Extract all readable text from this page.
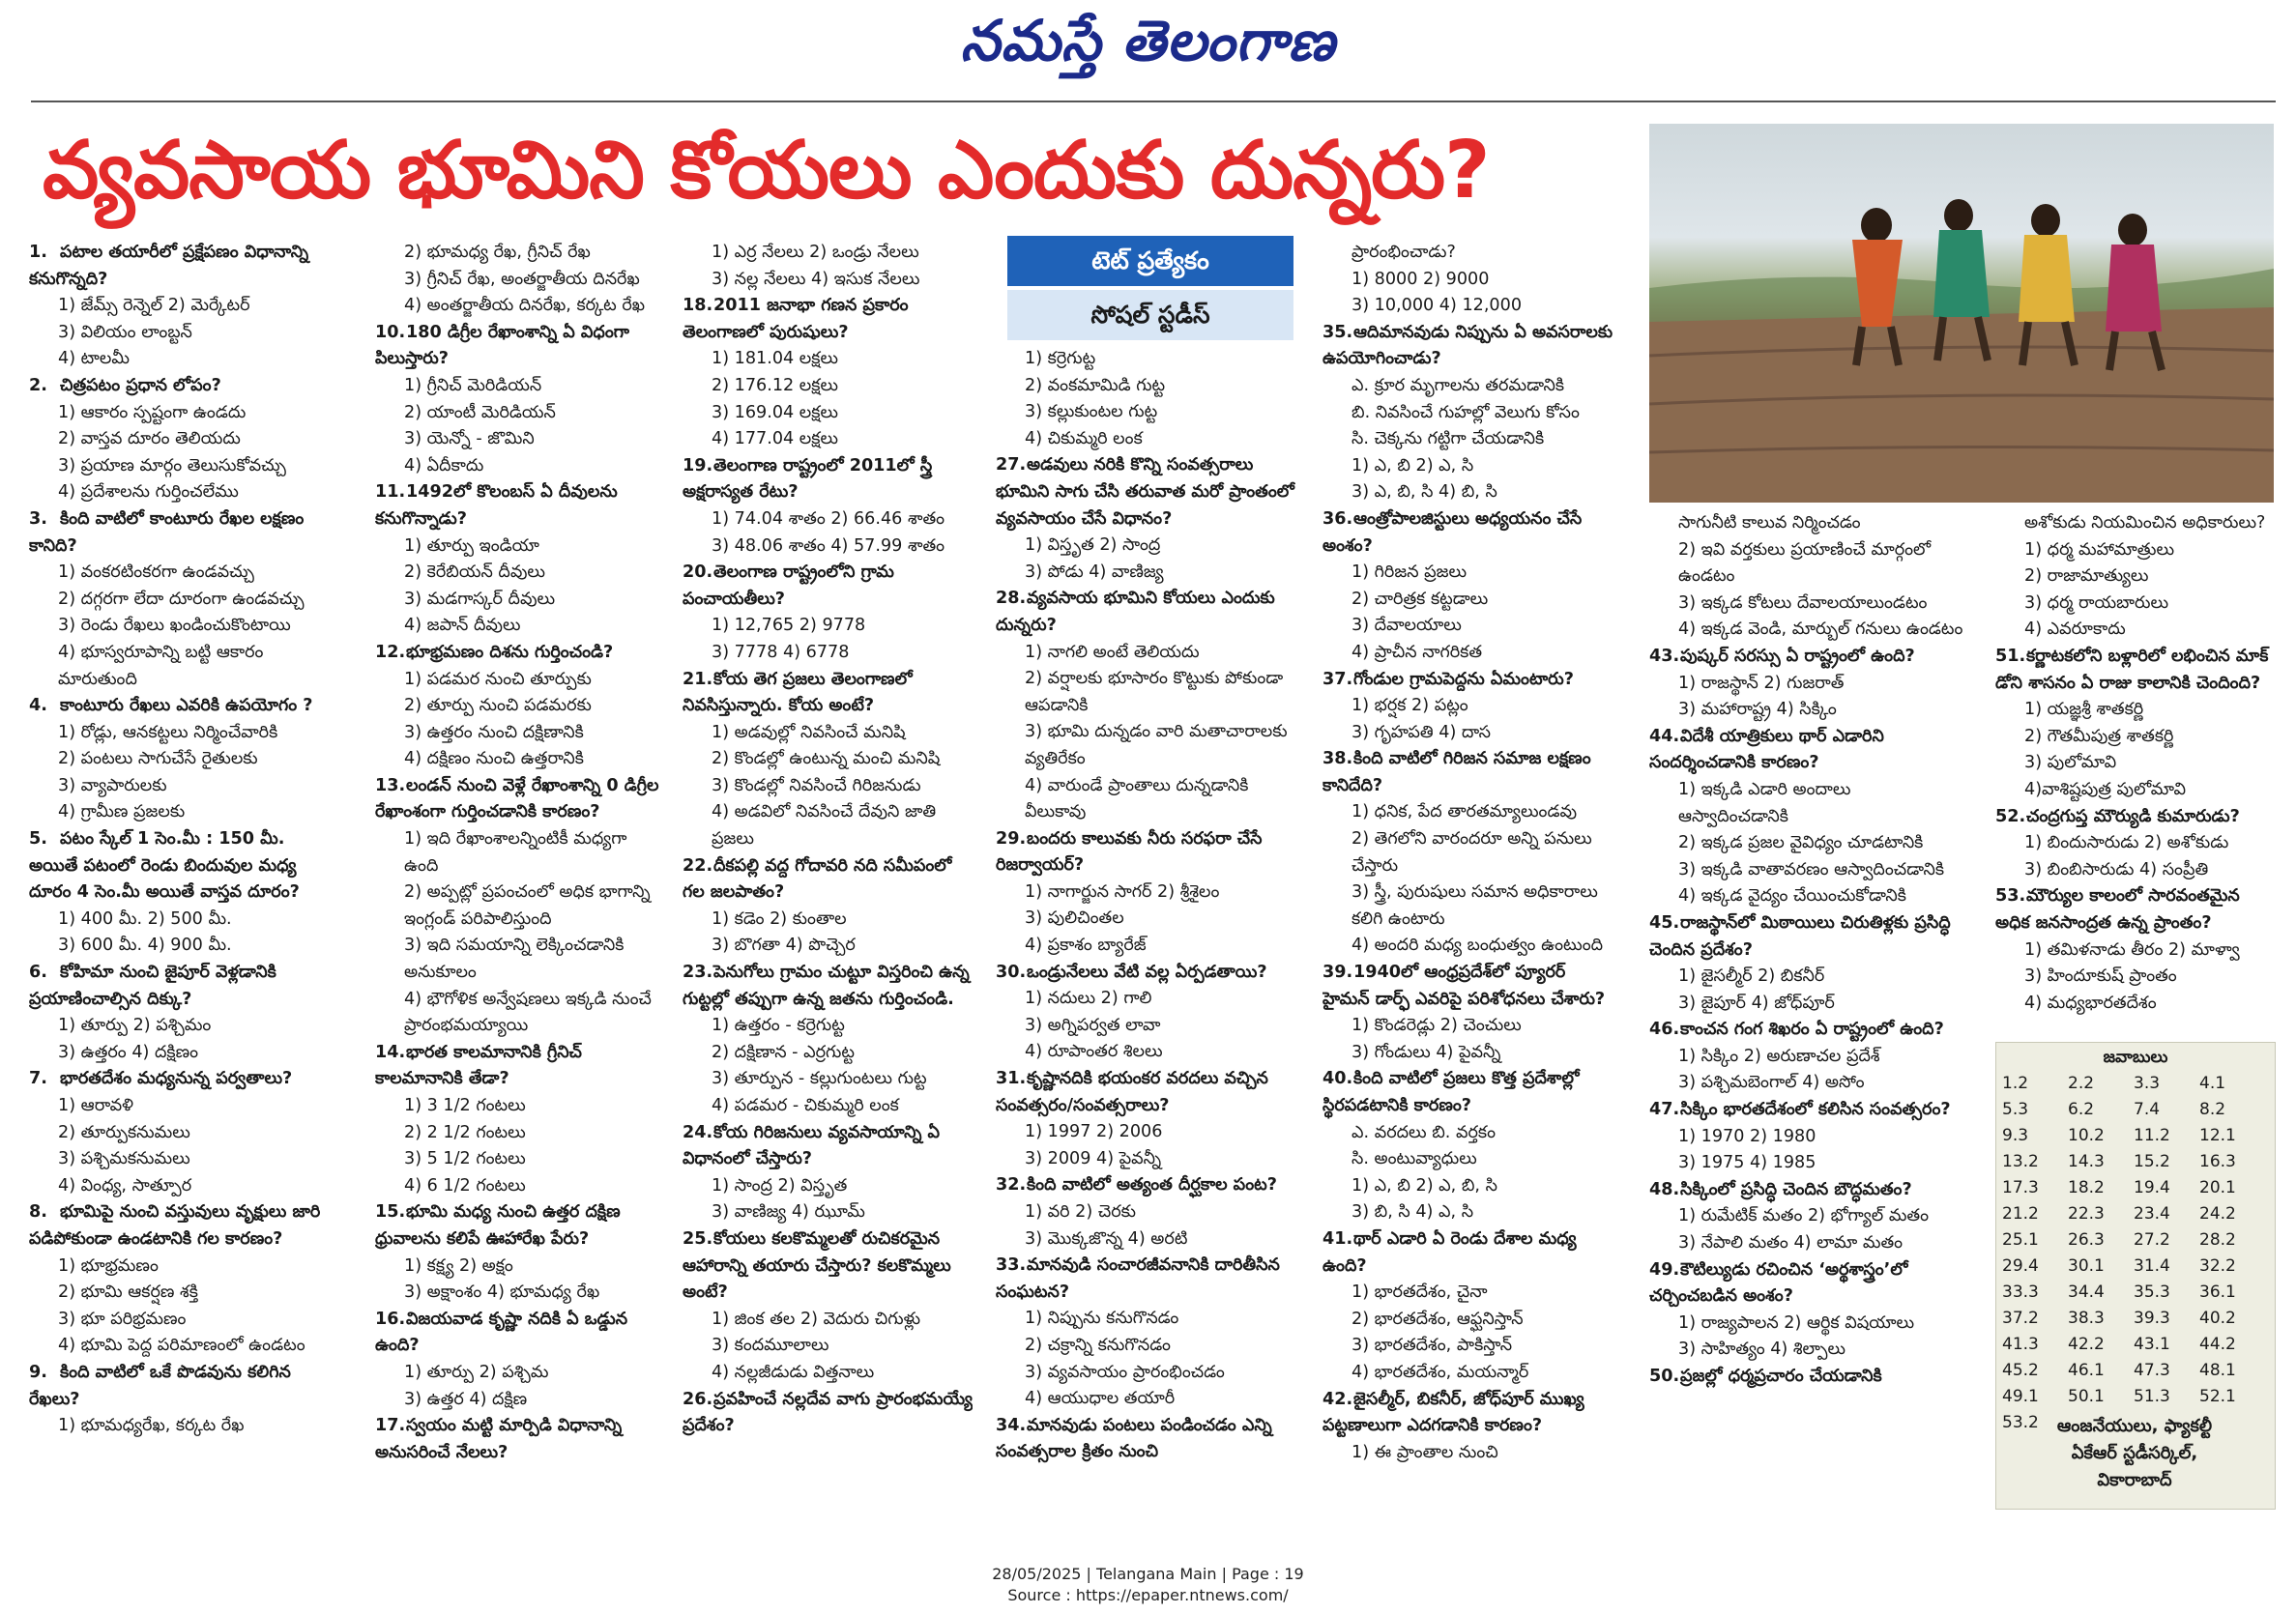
నమస్తే తెలంగాణ
వ్యవసాయ భూమిని కోయలు ఎందుకు దున్నరు?
టెట్ ప్రత్యేకం
సోషల్ స్టడీస్
1. పటాల తయారీలో ప్రక్షేపణం విధానాన్ని కనుగొన్నది?
1) జేమ్స్ రెన్నెల్ 2) మెర్కేటర్
3) విలియం లాంబ్టన్
4) టాలమీ
2. చిత్రపటం ప్రధాన లోపం?
1) ఆకారం స్పష్టంగా ఉండదు
2) వాస్తవ దూరం తెలియదు
3) ప్రయాణ మార్గం తెలుసుకోవచ్చు
4) ప్రదేశాలను గుర్తించలేము
3. కింది వాటిలో కాంటూరు రేఖల లక్షణం కానిది?
1) వంకరటింకరగా ఉండవచ్చు
2) దగ్గరగా లేదా దూరంగా ఉండవచ్చు
3) రెండు రేఖలు ఖండించుకొంటాయి
4) భూస్వరూపాన్ని బట్టి ఆకారం మారుతుంది
4. కాంటూరు రేఖలు ఎవరికి ఉపయోగం ?
1) రోడ్లు, ఆనకట్టలు నిర్మించేవారికి
2) పంటలు సాగుచేసే రైతులకు
3) వ్యాపారులకు
4) గ్రామీణ ప్రజలకు
5. పటం స్కేల్ 1 సెం.మీ : 150 మీ. అయితే పటంలో రెండు బిందువుల మధ్య దూరం 4 సెం.మీ అయితే వాస్తవ దూరం?
1) 400 మీ. 2) 500 మీ.
3) 600 మీ. 4) 900 మీ.
6. కోహిమా నుంచి జైపూర్ వెళ్లడానికి ప్రయాణించాల్సిన దిక్కు?
1) తూర్పు 2) పశ్చిమం
3) ఉత్తరం 4) దక్షిణం
7. భారతదేశం మధ్యనున్న పర్వతాలు?
1) ఆరావళి
2) తూర్పుకనుమలు
3) పశ్చిమకనుమలు
4) వింధ్య, సాత్పూర
8. భూమిపై నుంచి వస్తువులు వృక్షులు జారి పడిపోకుండా ఉండటానికి గల కారణం?
1) భూభ్రమణం
2) భూమి ఆకర్షణ శక్తి
3) భూ పరిభ్రమణం
4) భూమి పెద్ద పరిమాణంలో ఉండటం
9. కింది వాటిలో ఒకే పొడవును కలిగిన రేఖలు?
1) భూమధ్యరేఖ, కర్కట రేఖ
2) భూమధ్య రేఖ, గ్రీనిచ్ రేఖ
3) గ్రీనిచ్ రేఖ, అంతర్జాతీయ దినరేఖ
4) అంతర్జాతీయ దినరేఖ, కర్కట రేఖ
10.180 డిగ్రీల రేఖాంశాన్ని ఏ విధంగా పిలుస్తారు?
1) గ్రీనిచ్ మెరిడియన్
2) యాంటీ మెరిడియన్
3) యెన్నో - జొమిని
4) ఏదీకాదు
11.1492లో కొలంబస్ ఏ దీవులను కనుగొన్నాడు?
1) తూర్పు ఇండియా
2) కెరేబియన్ దీవులు
3) మడగాస్కర్ దీవులు
4) జపాన్ దీవులు
12.భూభ్రమణం దిశను గుర్తించండి?
1) పడమర నుంచి తూర్పుకు
2) తూర్పు నుంచి పడమరకు
3) ఉత్తరం నుంచి దక్షిణానికి
4) దక్షిణం నుంచి ఉత్తరానికి
13.లండన్ నుంచి వెళ్లే రేఖాంశాన్ని 0 డిగ్రీల రేఖాంశంగా గుర్తించడానికి కారణం?
1) ఇది రేఖాంశాలన్నింటికీ మధ్యగా ఉంది
2) అప్పట్లో ప్రపంచంలో అధిక భాగాన్ని ఇంగ్లండ్ పరిపాలిస్తుంది
3) ఇది సమయాన్ని లెక్కించడానికి అనుకూలం
4) భౌగోళిక అన్వేషణలు ఇక్కడి నుంచే ప్రారంభమయ్యాయి
14.భారత కాలమానానికి గ్రీనిచ్ కాలమానానికి తేడా?
1) 3 1/2 గంటలు
2) 2 1/2 గంటలు
3) 5 1/2 గంటలు
4) 6 1/2 గంటలు
15.భూమి మధ్య నుంచి ఉత్తర దక్షిణ ధ్రువాలను కలిపే ఊహారేఖ పేరు?
1) కక్ష్య 2) అక్షం
3) అక్షాంశం 4) భూమధ్య రేఖ
16.విజయవాడ కృష్ణా నదికి ఏ ఒడ్డున ఉంది?
1) తూర్పు 2) పశ్చిమ
3) ఉత్తర 4) దక్షిణ
17.స్వయం మట్టి మార్పిడి విధానాన్ని అనుసరించే నేలలు?
1) ఎర్ర నేలలు 2) ఒండ్రు నేలలు
3) నల్ల నేలలు 4) ఇసుక నేలలు
18.2011 జనాభా గణన ప్రకారం తెలంగాణలో పురుషులు?
1) 181.04 లక్షలు
2) 176.12 లక్షలు
3) 169.04 లక్షలు
4) 177.04 లక్షలు
19.తెలంగాణ రాష్ట్రంలో 2011లో స్త్రీ అక్షరాస్యత రేటు?
1) 74.04 శాతం 2) 66.46 శాతం
3) 48.06 శాతం 4) 57.99 శాతం
20.తెలంగాణ రాష్ట్రంలోని గ్రామ పంచాయతీలు?
1) 12,765 2) 9778
3) 7778 4) 6778
21.కోయ తెగ ప్రజలు తెలంగాణలో నివసిస్తున్నారు. కోయ అంటే?
1) అడవుల్లో నివసించే మనిషి
2) కొండల్లో ఉంటున్న మంచి మనిషి
3) కొండల్లో నివసించే గిరిజనుడు
4) అడవిలో నివసించే దేవుని జాతి ప్రజలు
22.దీకపల్లి వద్ద గోదావరి నది సమీపంలో గల జలపాతం?
1) కడెం 2) కుంతాల
3) బొగతా 4) పొచ్చెర
23.పెనుగోలు గ్రామం చుట్టూ విస్తరించి ఉన్న గుట్టల్లో తప్పుగా ఉన్న జతను గుర్తించండి.
1) ఉత్తరం - కర్రెగుట్ట
2) దక్షిణాన - ఎర్రగుట్ట
3) తూర్పున - కల్లుగుంటలు గుట్ట
4) పడమర - చికుమ్మరి లంక
24.కోయ గిరిజనులు వ్యవసాయాన్ని ఏ విధానంలో చేస్తారు?
1) సాంద్ర 2) విస్తృత
3) వాణిజ్య 4) ఝూమ్
25.కోయలు కలకొమ్మలతో రుచికరమైన ఆహారాన్ని తయారు చేస్తారు? కలకొమ్మలు అంటే?
1) జింక తల 2) వెదురు చిగుళ్లు
3) కందమూలాలు
4) నల్లజీడుడు విత్తనాలు
26.ప్రవహించే నల్లదేవ వాగు ప్రారంభమయ్యే ప్రదేశం?
1) కర్రెగుట్ట
2) వంకమామిడి గుట్ట
3) కల్లుకుంటల గుట్ట
4) చికుమ్మరి లంక
27.అడవులు నరికి కొన్ని సంవత్సరాలు భూమిని సాగు చేసి తరువాత మరో ప్రాంతంలో వ్యవసాయం చేసే విధానం?
1) విస్తృత 2) సాంద్ర
3) పోడు 4) వాణిజ్య
28.వ్యవసాయ భూమిని కోయలు ఎందుకు దున్నరు?
1) నాగలి అంటే తెలియదు
2) వర్షాలకు భూసారం కొట్టుకు పోకుండా ఆపడానికి
3) భూమి దున్నడం వారి మతాచారాలకు వ్యతిరేకం
4) వారుండే ప్రాంతాలు దున్నడానికి వీలుకావు
29.బందరు కాలువకు నీరు సరఫరా చేసే రిజర్వాయర్?
1) నాగార్జున సాగర్ 2) శ్రీశైలం
3) పులిచింతల
4) ప్రకాశం బ్యారేజ్
30.ఒండ్రునేలలు వేటి వల్ల ఏర్పడతాయి?
1) నదులు 2) గాలి
3) అగ్నిపర్వత లావా
4) రూపాంతర శిలలు
31.కృష్ణానదికి భయంకర వరదలు వచ్చిన సంవత్సరం/సంవత్సరాలు?
1) 1997 2) 2006
3) 2009 4) పైవన్నీ
32.కింది వాటిలో అత్యంత దీర్ఘకాల పంట?
1) వరి 2) చెరకు
3) మొక్కజొన్న 4) అరటి
33.మానవుడి సంచారజీవనానికి దారితీసిన సంఘటన?
1) నిప్పును కనుగొనడం
2) చక్రాన్ని కనుగొనడం
3) వ్యవసాయం ప్రారంభించడం
4) ఆయుధాల తయారీ
34.మానవుడు పంటలు పండించడం ఎన్ని సంవత్సరాల క్రితం నుంచి
ప్రారంభించాడు?
1) 8000 2) 9000
3) 10,000 4) 12,000
35.ఆదిమానవుడు నిప్పును ఏ అవసరాలకు ఉపయోగించాడు?
ఎ. క్రూర మృగాలను తరమడానికి
బి. నివసించే గుహల్లో వెలుగు కోసం
సి. చెక్కను గట్టిగా చేయడానికి
1) ఎ, బి 2) ఎ, సి
3) ఎ, బి, సి 4) బి, సి
36.ఆంత్రోపాలజిస్టులు అధ్యయనం చేసే అంశం?
1) గిరిజన ప్రజలు
2) చారిత్రక కట్టడాలు
3) దేవాలయాలు
4) ప్రాచీన నాగరికత
37.గోండుల గ్రామపెద్దను ఏమంటారు?
1) భర్షక 2) పట్లం
3) గృహపతి 4) దాస
38.కింది వాటిలో గిరిజన సమాజ లక్షణం కానిదేది?
1) ధనిక, పేద తారతమ్యాలుండవు
2) తెగలోని వారందరూ అన్ని పనులు చేస్తారు
3) స్త్రీ, పురుషులు సమాన అధికారాలు కలిగి ఉంటారు
4) అందరి మధ్య బంధుత్వం ఉంటుంది
39.1940లో ఆంధ్రప్రదేశ్‌లో ప్యూరర్ హైమన్ డార్ఫ్ ఎవరిపై పరిశోధనలు చేశారు?
1) కొండరెడ్లు 2) చెంచులు
3) గోండులు 4) పైవన్నీ
40.కింది వాటిలో ప్రజలు కొత్త ప్రదేశాల్లో స్థిరపడటానికి కారణం?
ఎ. వరదలు బి. వర్తకం
సి. అంటువ్యాధులు
1) ఎ, బి 2) ఎ, బి, సి
3) బి, సి 4) ఎ, సి
41.థార్ ఎడారి ఏ రెండు దేశాల మధ్య ఉంది?
1) భారతదేశం, చైనా
2) భారతదేశం, ఆఫ్ఘనిస్తాన్
3) భారతదేశం, పాకిస్తాన్
4) భారతదేశం, మయన్మార్
42.జైసల్మీర్, బికనీర్, జోధ్‌పూర్ ముఖ్య పట్టణాలుగా ఎదగడానికి కారణం?
1) ఈ ప్రాంతాల నుంచి
సాగునీటి కాలువ నిర్మించడం
2) ఇవి వర్తకులు ప్రయాణించే మార్గంలో ఉండటం
3) ఇక్కడ కోటలు దేవాలయాలుండటం
4) ఇక్కడ వెండి, మార్బుల్ గనులు ఉండటం
43.పుష్కర్ సరస్సు ఏ రాష్ట్రంలో ఉంది?
1) రాజస్థాన్ 2) గుజరాత్
3) మహారాష్ట్ర 4) సిక్కిం
44.విదేశీ యాత్రికులు థార్ ఎడారిని సందర్శించడానికి కారణం?
1) ఇక్కడి ఎడారి అందాలు ఆస్వాదించడానికి
2) ఇక్కడ ప్రజల వైవిధ్యం చూడటానికి
3) ఇక్కడి వాతావరణం ఆస్వాదించడానికి
4) ఇక్కడ వైద్యం చేయించుకోడానికి
45.రాజస్థాన్‌లో మిఠాయిలు చిరుతిళ్లకు ప్రసిద్ధి చెందిన ప్రదేశం?
1) జైసల్మీర్ 2) బికనీర్
3) జైపూర్ 4) జోధ్‌పూర్
46.కాంచన గంగ శిఖరం ఏ రాష్ట్రంలో ఉంది?
1) సిక్కిం 2) అరుణాచల ప్రదేశ్
3) పశ్చిమబెంగాల్ 4) అసోం
47.సిక్కిం భారతదేశంలో కలిసిన సంవత్సరం?
1) 1970 2) 1980
3) 1975 4) 1985
48.సిక్కింలో ప్రసిద్ధి చెందిన బౌద్ధమతం?
1) రుమేటిక్ మతం 2) భోగ్యాల్ మతం
3) నేపాలి మతం 4) లామా మతం
49.కౌటిల్యుడు రచించిన ‘అర్థశాస్త్రం’లో చర్చించబడిన అంశం?
1) రాజ్యపాలన 2) ఆర్థిక విషయాలు
3) సాహిత్యం 4) శిల్పాలు
50.ప్రజల్లో ధర్మప్రచారం చేయడానికి
అశోకుడు నియమించిన అధికారులు?
1) ధర్మ మహామాత్రులు
2) రాజామాత్యులు
3) ధర్మ రాయబారులు
4) ఎవరూకాదు
51.కర్ణాటకలోని బళ్లారిలో లభించిన మాక్ డోని శాసనం ఏ రాజు కాలానికి చెందింది?
1) యజ్ఞశ్రీ శాతకర్ణి
2) గౌతమీపుత్ర శాతకర్ణి
3) పులోమావి
4)వాశిష్టపుత్ర పులోమావి
52.చంద్రగుప్త మౌర్యుడి కుమారుడు?
1) బిందుసారుడు 2) అశోకుడు
3) బింబిసారుడు 4) సంప్రీతి
53.మౌర్యుల కాలంలో సారవంతమైన అధిక జనసాంద్రత ఉన్న ప్రాంతం?
1) తమిళనాడు తీరం 2) మాళ్వా
3) హిందూకుష్ ప్రాంతం
4) మధ్యభారతదేశం
జవాబులు
1.2	2.2	3.3	4.1
5.3	6.2	7.4	8.2
9.3	10.2	11.2	12.1
13.2	14.3	15.2	16.3
17.3	18.2	19.4	20.1
21.2	22.3	23.4	24.2
25.1	26.3	27.2	28.2
29.4	30.1	31.4	32.2
33.3	34.4	35.3	36.1
37.2	38.3	39.3	40.2
41.3	42.2	43.1	44.2
45.2	46.1	47.3	48.1
49.1	50.1	51.3	52.1
53.2				ఆంజనేయులు, ఫ్యాకల్టీ
ఏకేఆర్ స్టడీసర్కిల్,
వికారాబాద్
28/05/2025 | Telangana Main | Page : 19
Source : https://epaper.ntnews.com/
